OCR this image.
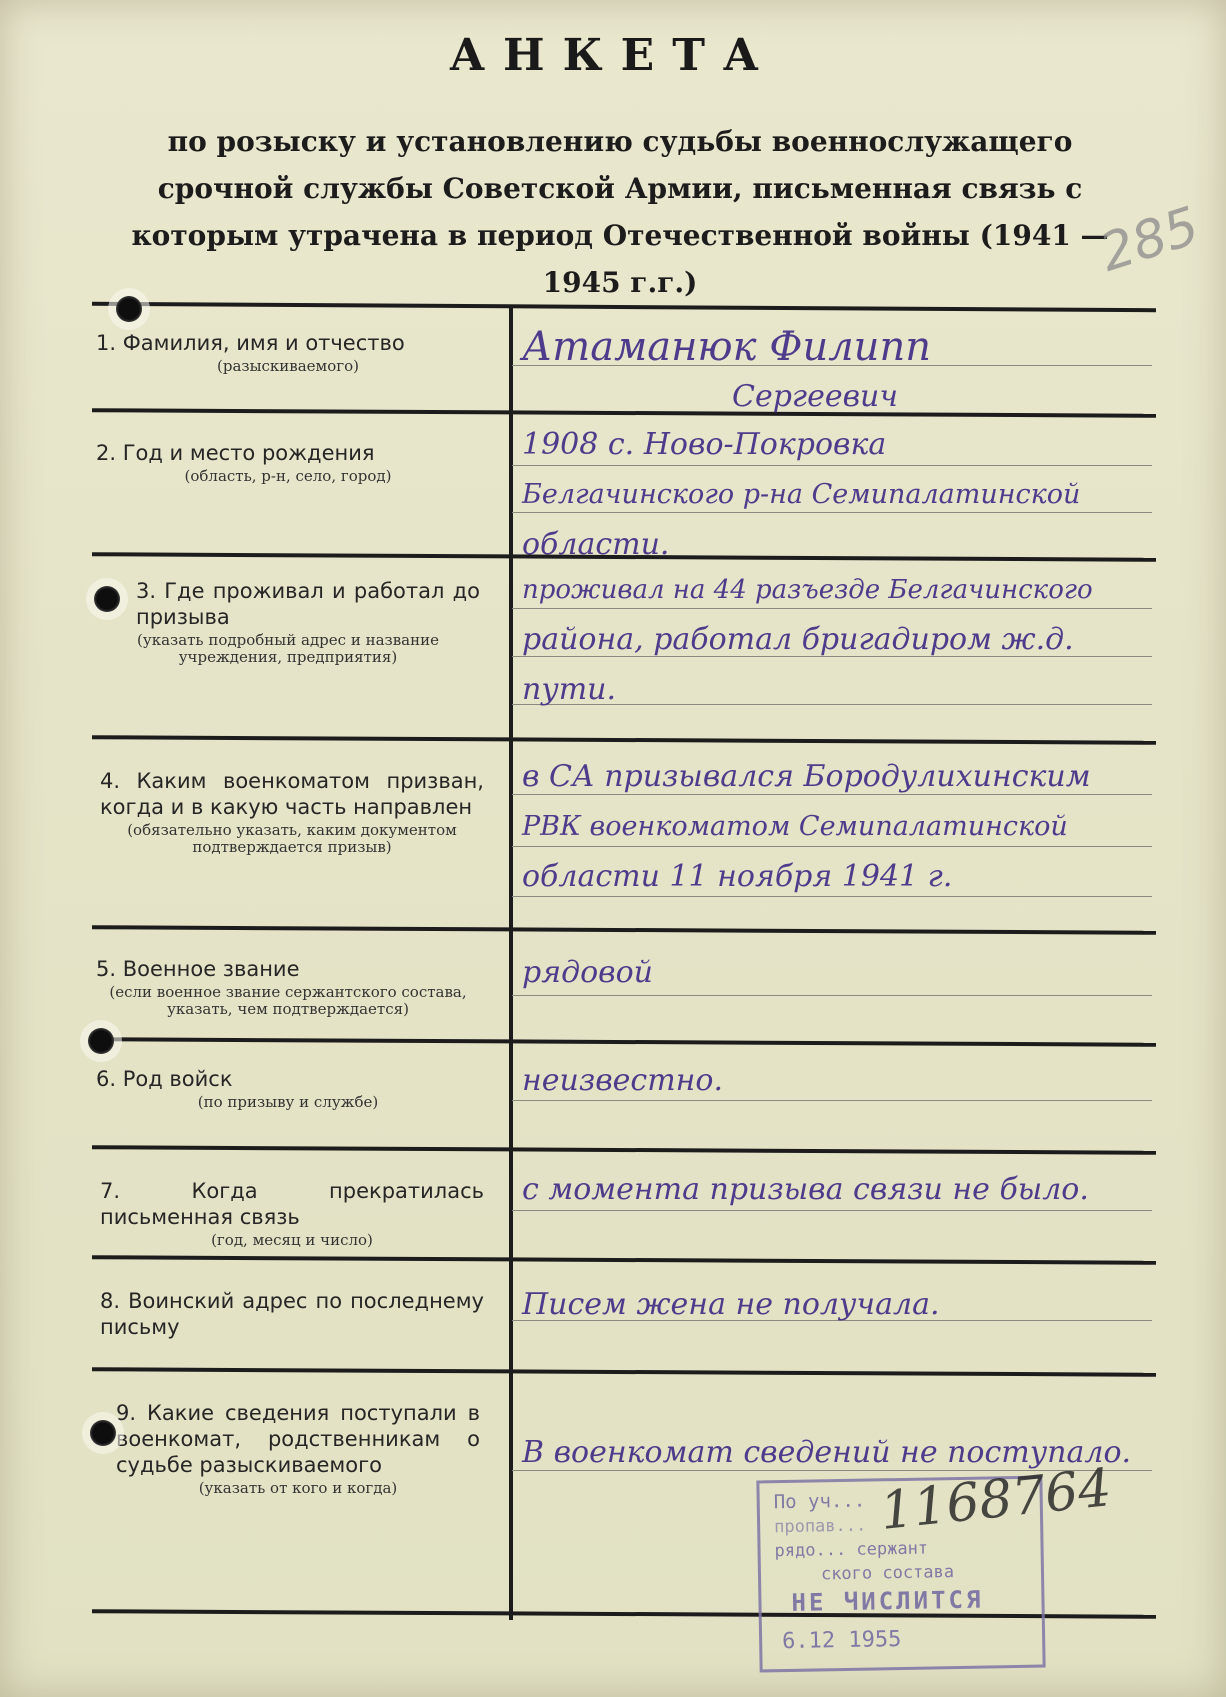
АНКЕТА
по розыску и установлению судьбы военнослужащего срочной службы Советской Армии, письменная связь с которым утрачена в период Отечественной войны (1941 — 1945 г.г.)	285
1. Фамилия, имя и отчество
(разыскиваемого)	Атаманюк Филипп
Сергеевич
2. Год и место рождения
(область, р-н, село, город)
1908 с. Ново-Покровка
Белгачинского р-на Семипалатинской
области.
3. Где проживал и работал до призыва
(указать подробный адрес и название учреждения, предприятия)
проживал на 44 разъезде Белгачинского
района, работал бригадиром ж.д.
пути.
4. Каким военкоматом призван, когда и в какую часть направлен
(обязательно указать, каким документом подтверждается призыв)
в СА призывался Бородулихинским
РВК военкоматом Семипалатинской
области 11 ноября 1941 г.
5. Военное звание
(если военное звание сержантского состава, указать, чем подтверждается)
рядовой
6. Род войск
(по призыву и службе)
неизвестно.
7. Когда прекратилась письменная связь
(год, месяц и число)
с момента призыва связи не было.
8. Воинский адрес по последнему письму
Писем жена не получала.
9. Какие сведения поступали в военкомат, родственникам о судьбе разыскиваемого
(указать от кого и когда)
В военкомат сведений не поступало.
По уч...
пропав...
рядо... сержант
ского состава
НЕ ЧИСЛИТСЯ
6.12 1955
1168764
